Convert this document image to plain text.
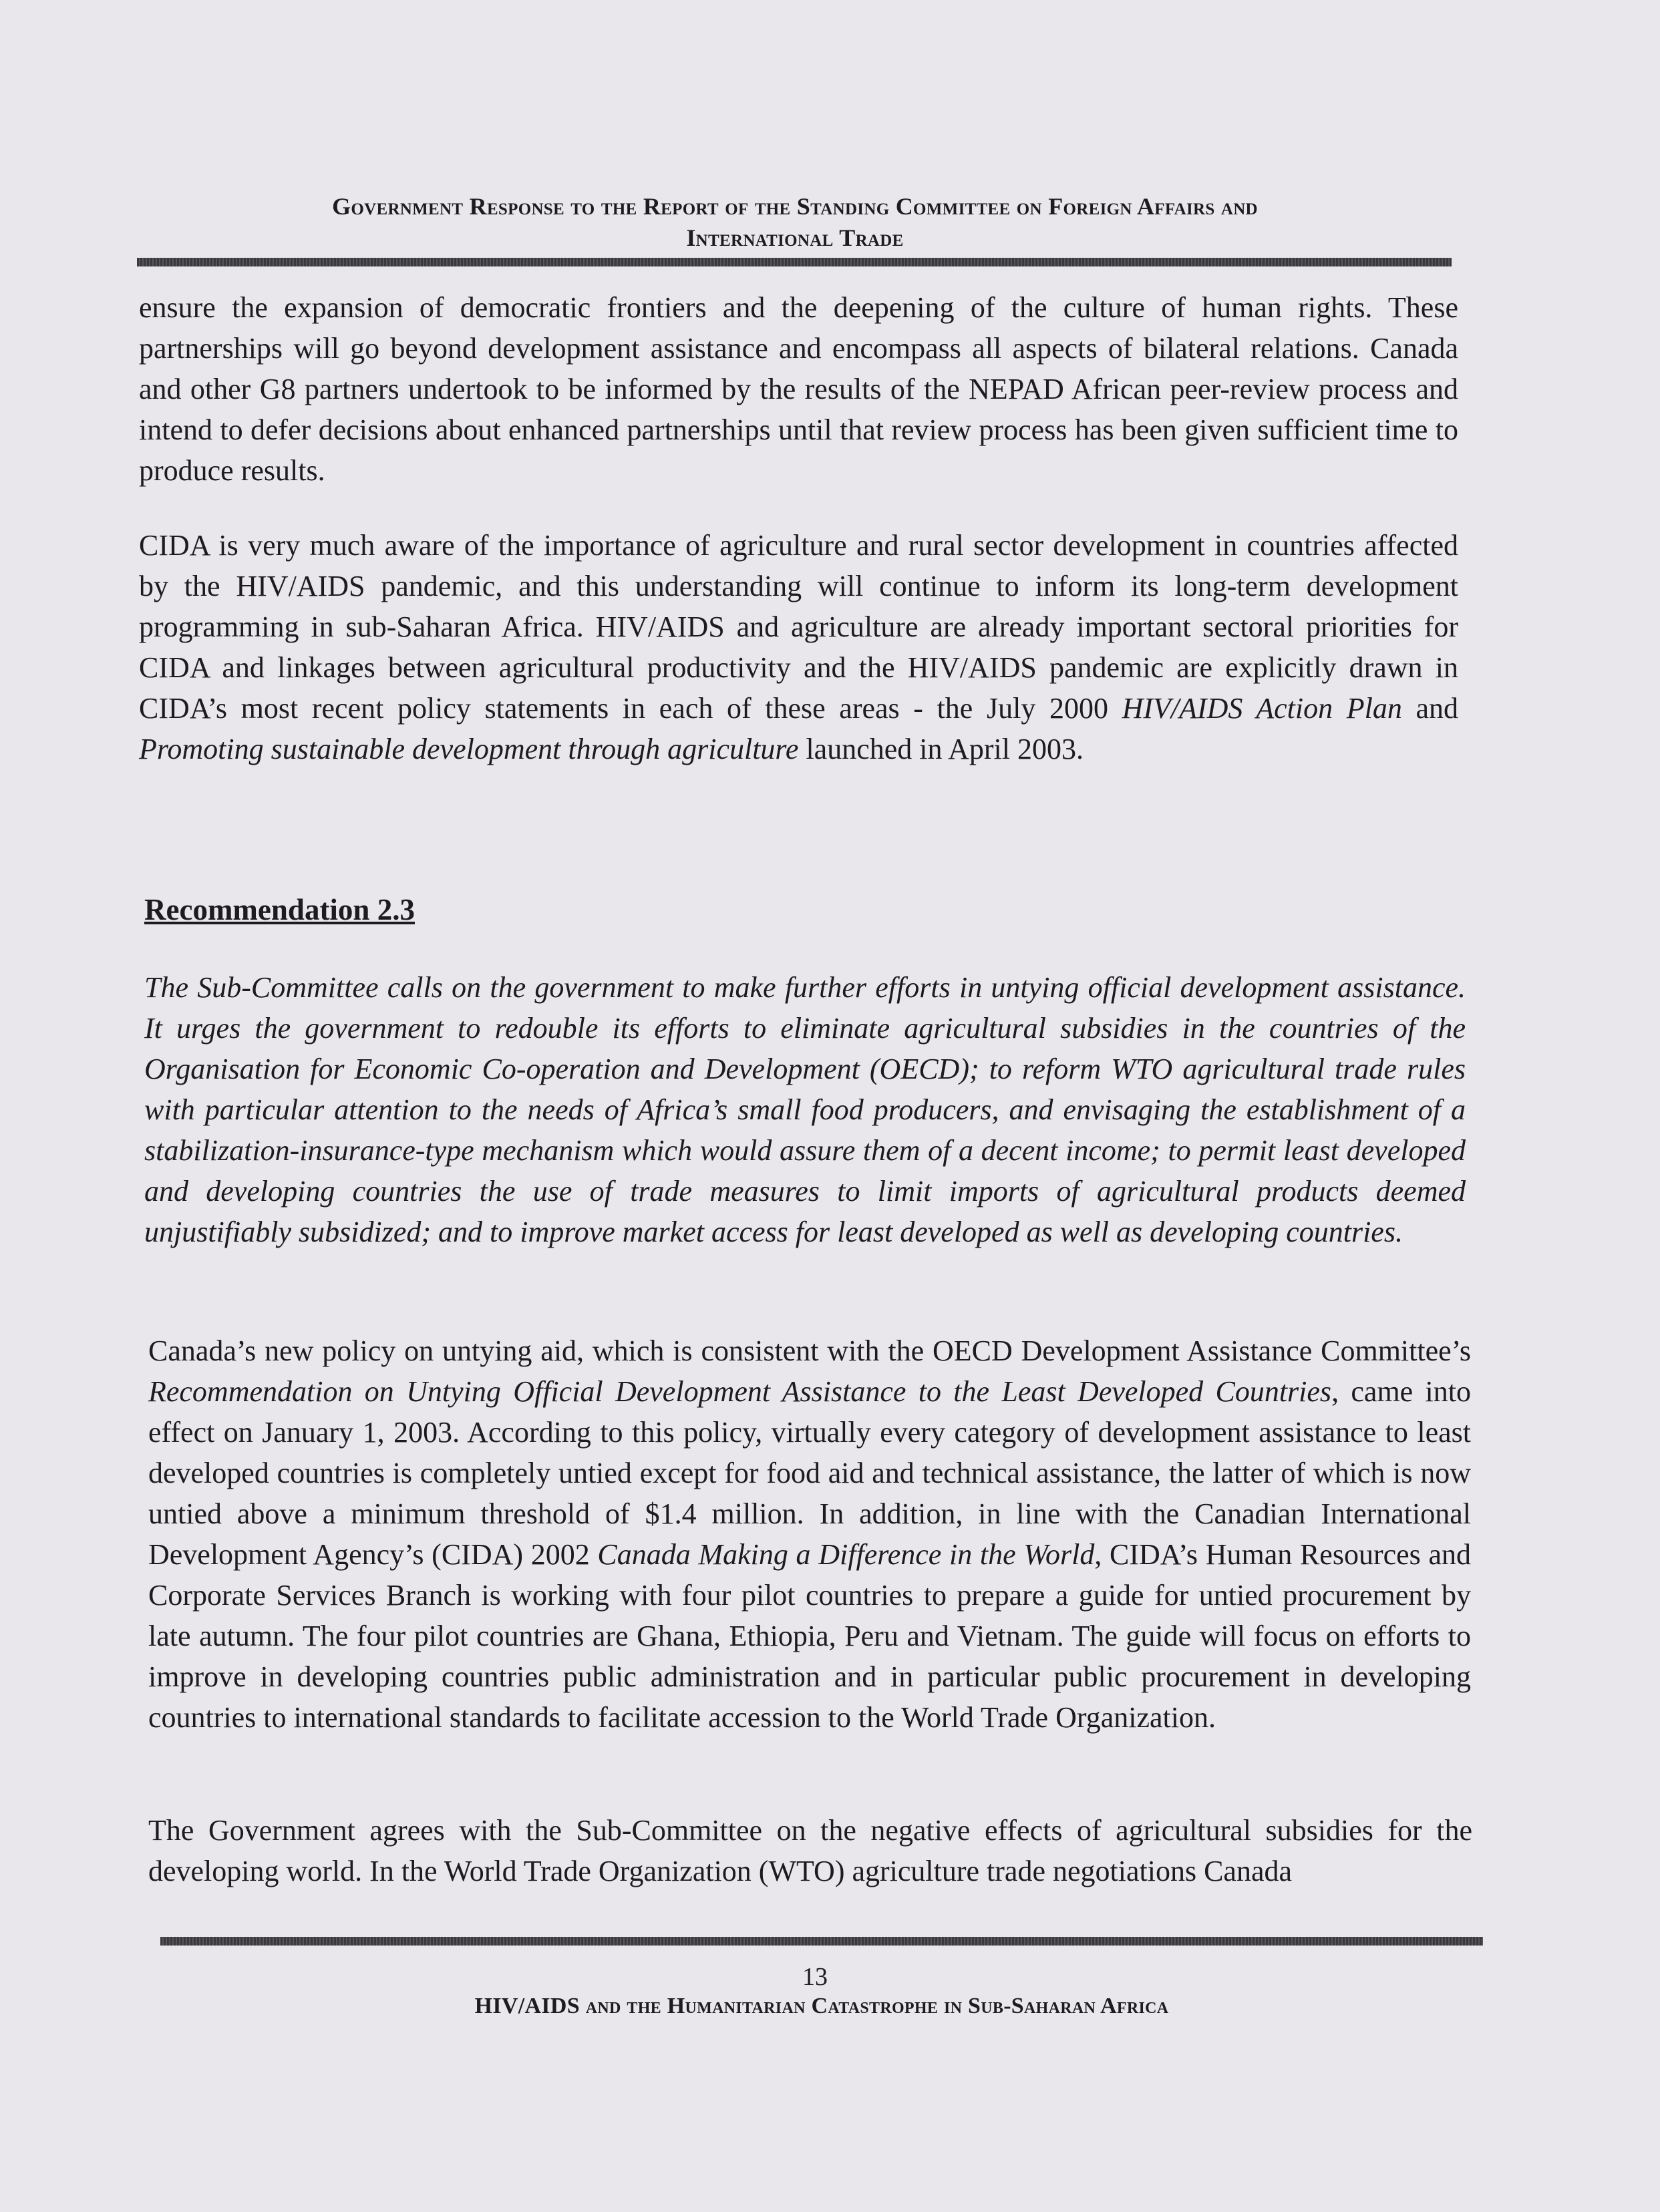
Government Response to the Report of the Standing Committee on Foreign Affairs and
International Trade

ensure the expansion of democratic frontiers and the deepening of the culture of human rights. These partnerships will go beyond development assistance and encompass all aspects of bilateral relations. Canada and other G8 partners undertook to be informed by the results of the NEPAD African peer-review process and intend to defer decisions about enhanced partnerships until that review process has been given sufficient time to produce results.

CIDA is very much aware of the importance of agriculture and rural sector development in countries affected by the HIV/AIDS pandemic, and this understanding will continue to inform its long-term development programming in sub-Saharan Africa. HIV/AIDS and agriculture are already important sectoral priorities for CIDA and linkages between agricultural productivity and the HIV/AIDS pandemic are explicitly drawn in CIDA’s most recent policy statements in each of these areas - the July 2000 HIV/AIDS Action Plan and Promoting sustainable development through agriculture launched in April 2003.

Recommendation 2.3

The Sub-Committee calls on the government to make further efforts in untying official development assistance. It urges the government to redouble its efforts to eliminate agricultural subsidies in the countries of the Organisation for Economic Co-operation and Development (OECD); to reform WTO agricultural trade rules with particular attention to the needs of Africa’s small food producers, and envisaging the establishment of a stabilization-insurance-type mechanism which would assure them of a decent income; to permit least developed and developing countries the use of trade measures to limit imports of agricultural products deemed unjustifiably subsidized; and to improve market access for least developed as well as developing countries.

Canada’s new policy on untying aid, which is consistent with the OECD Development Assistance Committee’s Recommendation on Untying Official Development Assistance to the Least Developed Countries, came into effect on January 1, 2003. According to this policy, virtually every category of development assistance to least developed countries is completely untied except for food aid and technical assistance, the latter of which is now untied above a minimum threshold of $1.4 million. In addition, in line with the Canadian International Development Agency’s (CIDA) 2002 Canada Making a Difference in the World, CIDA’s Human Resources and Corporate Services Branch is working with four pilot countries to prepare a guide for untied procurement by late autumn. The four pilot countries are Ghana, Ethiopia, Peru and Vietnam. The guide will focus on efforts to improve in developing countries public administration and in particular public procurement in developing countries to international standards to facilitate accession to the World Trade Organization.

The Government agrees with the Sub-Committee on the negative effects of agricultural subsidies for the developing world. In the World Trade Organization (WTO) agriculture trade negotiations Canada

13
HIV/AIDS and the Humanitarian Catastrophe in Sub-Saharan Africa
